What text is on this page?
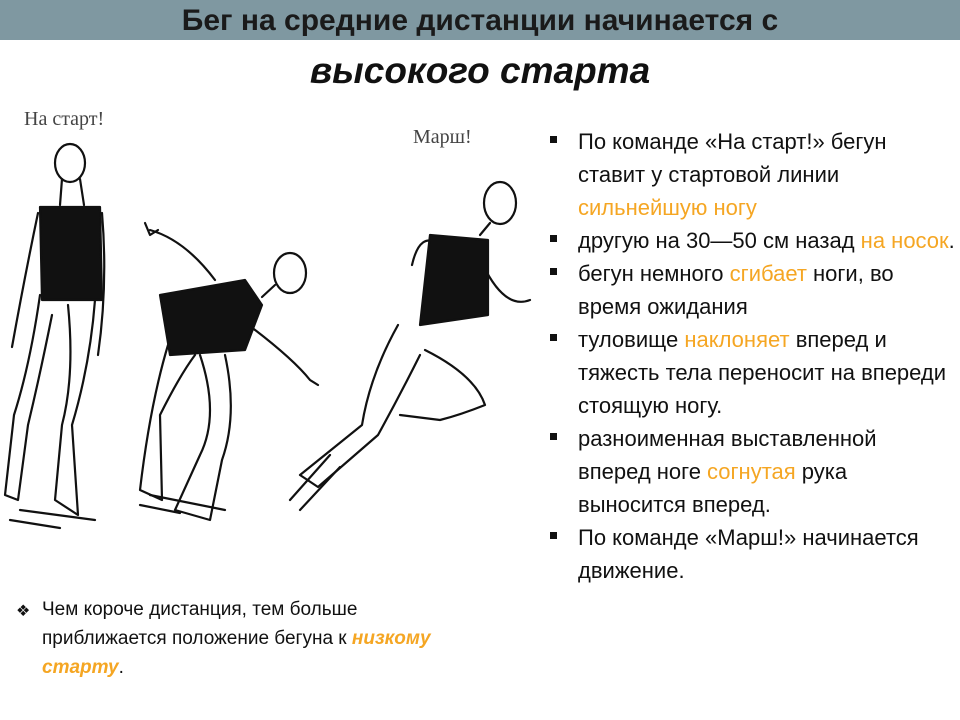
Бег на средние дистанции начинается с
высокого старта
На старт!
Марш!	По команде «На старт!» бегун ставит у стартовой линии сильнейшую ногу
другую на 30—50 см назад на носок.
бегун немного сгибает ноги, во время ожидания
туловище наклоняет вперед и тяжесть тела переносит на впереди стоящую ногу.
разноименная выставленной вперед ноге согнутая рука выносится вперед.
По команде «Марш!» начинается движение.
❖ Чем короче дистанция, тем больше приближается положение бегуна к низкому старту.
